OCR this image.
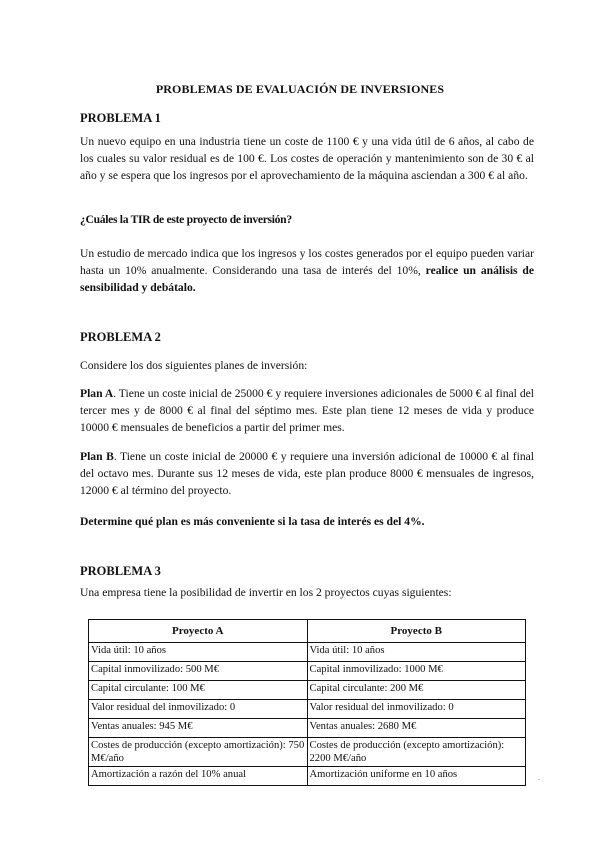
PROBLEMAS DE EVALUACIÓN DE INVERSIONES
PROBLEMA 1
Un nuevo equipo en una industria tiene un coste de 1100 € y una vida útil de 6 años, al cabo de los cuales su valor residual es de 100 €. Los costes de operación y mantenimiento son de 30 € al año y se espera que los ingresos por el aprovechamiento de la máquina asciendan a 300 € al año.
¿Cuáles la TIR de este proyecto de inversión?
Un estudio de mercado indica que los ingresos y los costes generados por el equipo pueden variar hasta un 10% anualmente. Considerando una tasa de interés del 10%, realice un análisis de sensibilidad y debátalo.
PROBLEMA 2
Considere los dos siguientes planes de inversión:
Plan A. Tiene un coste inicial de 25000 € y requiere inversiones adicionales de 5000 € al final del tercer mes y de 8000 € al final del séptimo mes. Este plan tiene 12 meses de vida y produce 10000 € mensuales de beneficios a partir del primer mes.
Plan B. Tiene un coste inicial de 20000 € y requiere una inversión adicional de 10000 € al final del octavo mes. Durante sus 12 meses de vida, este plan produce 8000 € mensuales de ingresos, 12000 € al término del proyecto.
Determine qué plan es más conveniente si la tasa de interés es del 4%.
PROBLEMA 3
Una empresa tiene la posibilidad de invertir en los 2 proyectos cuyas siguientes:
Proyecto A	Proyecto B
Vida útil: 10 años	Vida útil: 10 años
Capital inmovilizado: 500 M€	Capital inmovilizado: 1000 M€
Capital circulante: 100 M€	Capital circulante: 200 M€
Valor residual del inmovilizado: 0	Valor residual del inmovilizado: 0
Ventas anuales: 945 M€	Ventas anuales: 2680 M€
Costes de producción (excepto amortización): 750 M€/año	Costes de producción (excepto amortización): 2200 M€/año
Amortización a razón del 10% anual	Amortización uniforme en 10 años	.
